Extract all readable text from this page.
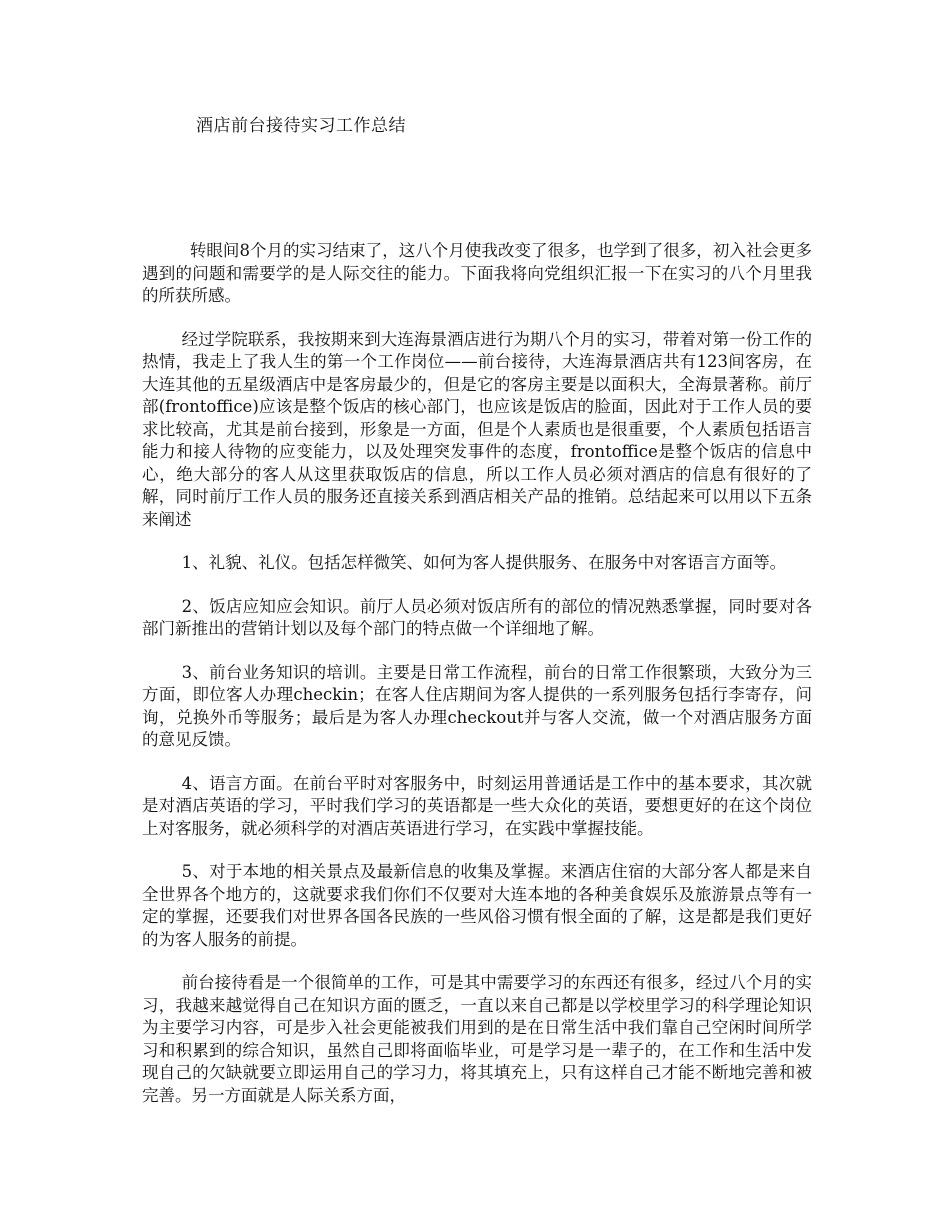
酒店前台接待实习工作总结

转眼间8个月的实习结束了，这八个月使我改变了很多，也学到了很多，初入社会更多遇到的问题和需要学的是人际交往的能力。下面我将向党组织汇报一下在实习的八个月里我的所获所感。

经过学院联系，我按期来到大连海景酒店进行为期八个月的实习，带着对第一份工作的热情，我走上了我人生的第一个工作岗位——前台接待，大连海景酒店共有123间客房，在大连其他的五星级酒店中是客房最少的，但是它的客房主要是以面积大，全海景著称。前厅部(frontoffice)应该是整个饭店的核心部门，也应该是饭店的脸面，因此对于工作人员的要求比较高，尤其是前台接到，形象是一方面，但是个人素质也是很重要，个人素质包括语言能力和接人待物的应变能力，以及处理突发事件的态度，frontoffice是整个饭店的信息中心，绝大部分的客人从这里获取饭店的信息，所以工作人员必须对酒店的信息有很好的了解，同时前厅工作人员的服务还直接关系到酒店相关产品的推销。总结起来可以用以下五条来阐述

1、礼貌、礼仪。包括怎样微笑、如何为客人提供服务、在服务中对客语言方面等。

2、饭店应知应会知识。前厅人员必须对饭店所有的部位的情况熟悉掌握，同时要对各部门新推出的营销计划以及每个部门的特点做一个详细地了解。

3、前台业务知识的培训。主要是日常工作流程，前台的日常工作很繁琐，大致分为三方面，即位客人办理checkin；在客人住店期间为客人提供的一系列服务包括行李寄存，问询，兑换外币等服务；最后是为客人办理checkout并与客人交流，做一个对酒店服务方面的意见反馈。

4、语言方面。在前台平时对客服务中，时刻运用普通话是工作中的基本要求，其次就是对酒店英语的学习，平时我们学习的英语都是一些大众化的英语，要想更好的在这个岗位上对客服务，就必须科学的对酒店英语进行学习，在实践中掌握技能。

5、对于本地的相关景点及最新信息的收集及掌握。来酒店住宿的大部分客人都是来自全世界各个地方的，这就要求我们你们不仅要对大连本地的各种美食娱乐及旅游景点等有一定的掌握，还要我们对世界各国各民族的一些风俗习惯有恨全面的了解，这是都是我们更好的为客人服务的前提。

前台接待看是一个很简单的工作，可是其中需要学习的东西还有很多，经过八个月的实习，我越来越觉得自己在知识方面的匮乏，一直以来自己都是以学校里学习的科学理论知识为主要学习内容，可是步入社会更能被我们用到的是在日常生活中我们靠自己空闲时间所学习和积累到的综合知识，虽然自己即将面临毕业，可是学习是一辈子的，在工作和生活中发现自己的欠缺就要立即运用自己的学习力，将其填充上，只有这样自己才能不断地完善和被完善。另一方面就是人际关系方面，
